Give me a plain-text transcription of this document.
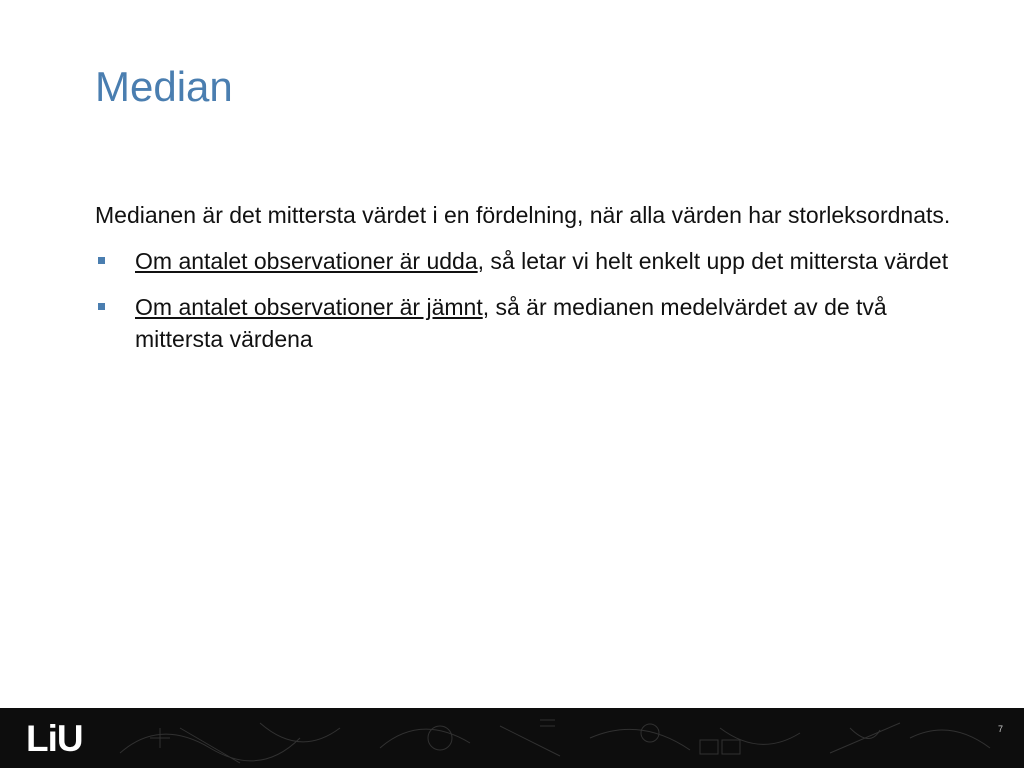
Median

Medianen är det mittersta värdet i en fördelning, när alla värden har storleksordnats.

Om antalet observationer är udda, så letar vi helt enkelt upp det mittersta värdet
Om antalet observationer är jämnt, så är medianen medelvärdet av de två mittersta värdena
LiU	7
